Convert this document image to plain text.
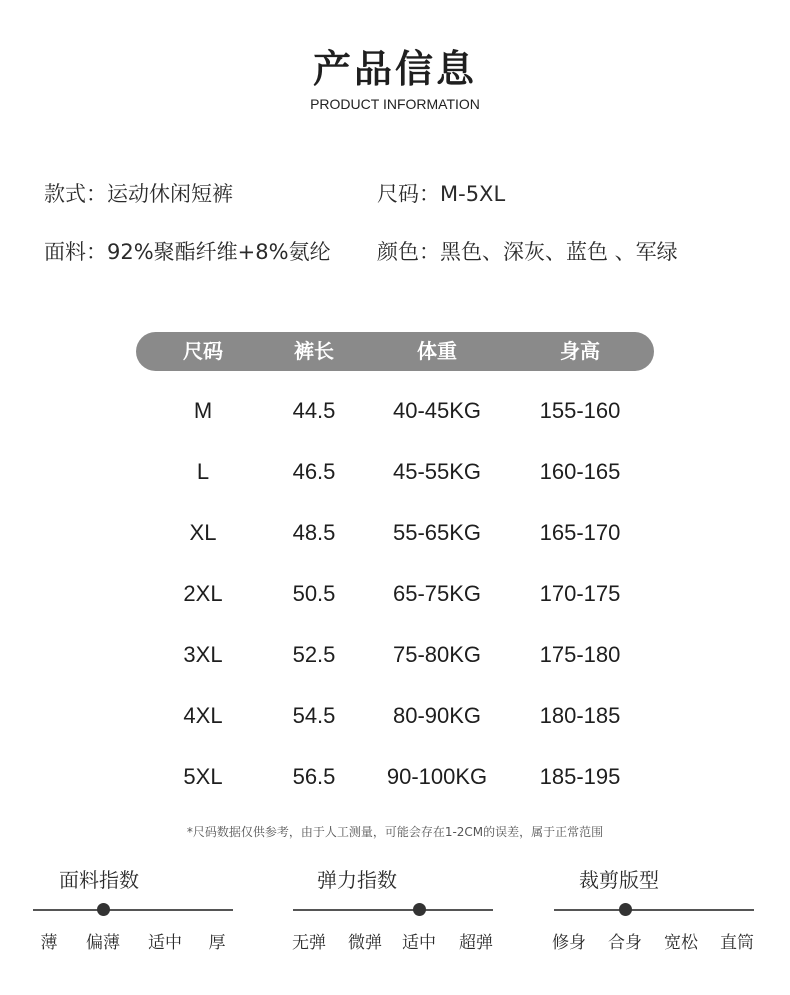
产品信息
PRODUCT INFORMATION
款式：运动休闲短裤	尺码：M-5XL
面料：92%聚酯纤维+8%氨纶 颜色：黑色、深灰、蓝色 、军绿
尺码	裤长	体重	身高
M	44.5	40-45KG	155-160
L	46.5	45-55KG	160-165
XL	48.5	55-65KG	165-170
2XL	50.5	65-75KG	170-175
3XL	52.5	75-80KG	175-180
4XL	54.5	80-90KG	180-185
5XL	56.5	90-100KG	185-195
*尺码数据仅供参考，由于人工测量，可能会存在1-2CM的误差，属于正常范围
面料指数
薄	偏薄	适中	厚
弹力指数
无弹	微弹	适中	超弹
裁剪版型
修身	合身	宽松	直筒
